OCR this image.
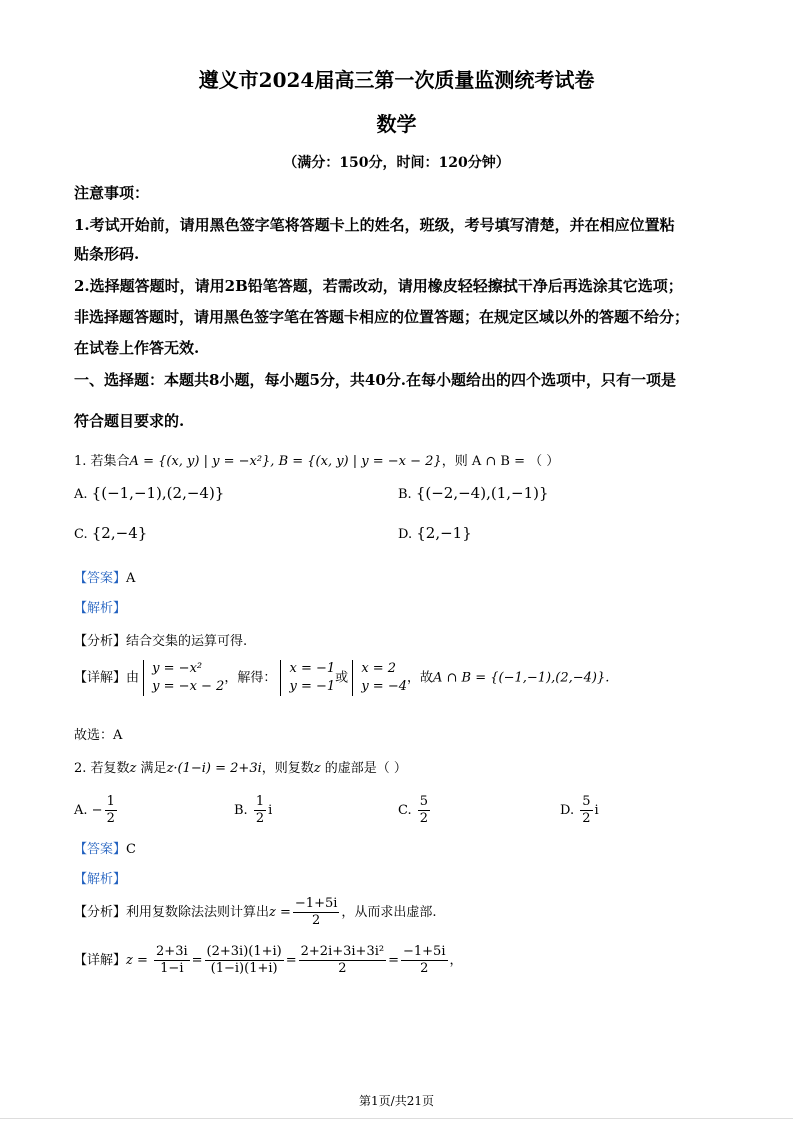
遵义市2024届高三第一次质量监测统考试卷
数学
（满分：150分，时间：120分钟）
注意事项：
1.考试开始前，请用黑色签字笔将答题卡上的姓名，班级，考号填写清楚，并在相应位置粘
贴条形码.
2.选择题答题时，请用2B铅笔答题，若需改动，请用橡皮轻轻擦拭干净后再选涂其它选项；
非选择题答题时，请用黑色签字笔在答题卡相应的位置答题；在规定区域以外的答题不给分；
在试卷上作答无效.
一、选择题：本题共8小题，每小题5分，共40分.在每小题给出的四个选项中，只有一项是
符合题目要求的.
1. 若集合A = {(x, y) | y = −x²}, B = {(x, y) | y = −x − 2}，则 A ∩ B = （ ）
A. {(−1,−1),(2,−4)}	B. {(−2,−4),(1,−1)}
C. {2,−4}	D. {2,−1}
【答案】A
【解析】
【分析】结合交集的运算可得.
【详解】由
y = −x²
y = −x − 2
，解得：
x = −1
y = −1
或
x = 2
y = −4
，故A ∩ B = {(−1,−1),(2,−4)}.
故选：A
2. 若复数z 满足z·(1−i) = 2+3i，则复数z 的虚部是（ ）
A. − $\frac{1}{2}$	B. $\frac{1}{2}$ i	C. $\frac{5}{2}$	D. $\frac{5}{2}$ i
【答案】C
【解析】
【分析】利用复数除法法则计算出$z = \frac{-1+5i}{2}$ ，从而求出虚部.
【详解】$z = \frac{2+3i}{1-i} = \frac{(2+3i)(1+i)}{(1-i)(1+i)} = \frac{\text{2+2i+3i+3i²}}{2} = \frac{-1+5i}{2}$ ，
第1页/共21页
